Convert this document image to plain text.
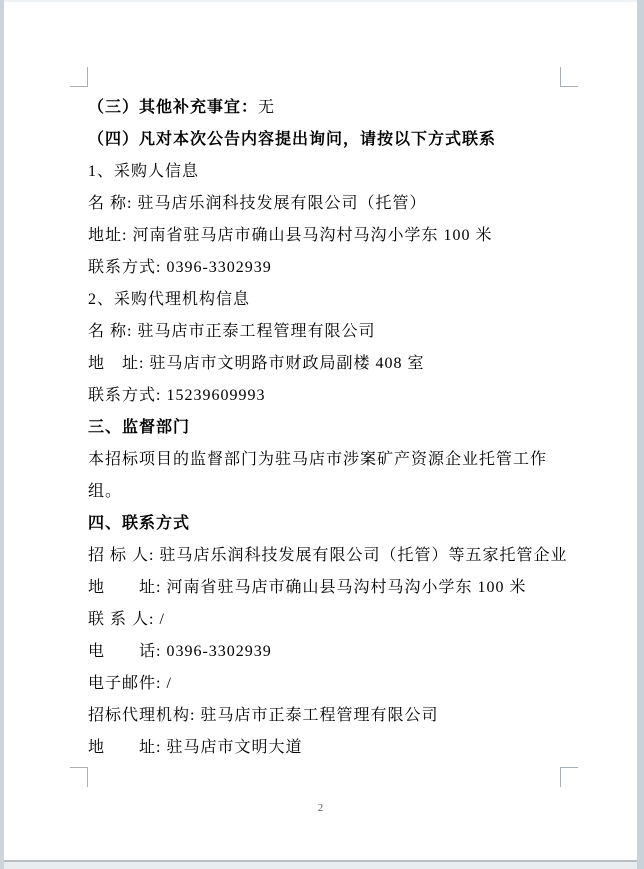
（三）其他补充事宜：无

（四）凡对本次公告内容提出询问，请按以下方式联系

1、采购人信息

名 称: 驻马店乐润科技发展有限公司（托管）

地址: 河南省驻马店市确山县马沟村马沟小学东 100 米

联系方式: 0396-3302939

2、采购代理机构信息

名 称: 驻马店市正泰工程管理有限公司

地　址: 驻马店市文明路市财政局副楼 408 室

联系方式: 15239609993

三、监督部门

本招标项目的监督部门为驻马店市涉案矿产资源企业托管工作

组。

四、联系方式

招 标 人: 驻马店乐润科技发展有限公司（托管）等五家托管企业

地　　址: 河南省驻马店市确山县马沟村马沟小学东 100 米

联 系 人: /

电　　话: 0396-3302939

电子邮件: /

招标代理机构: 驻马店市正泰工程管理有限公司

地　　址: 驻马店市文明大道

2
